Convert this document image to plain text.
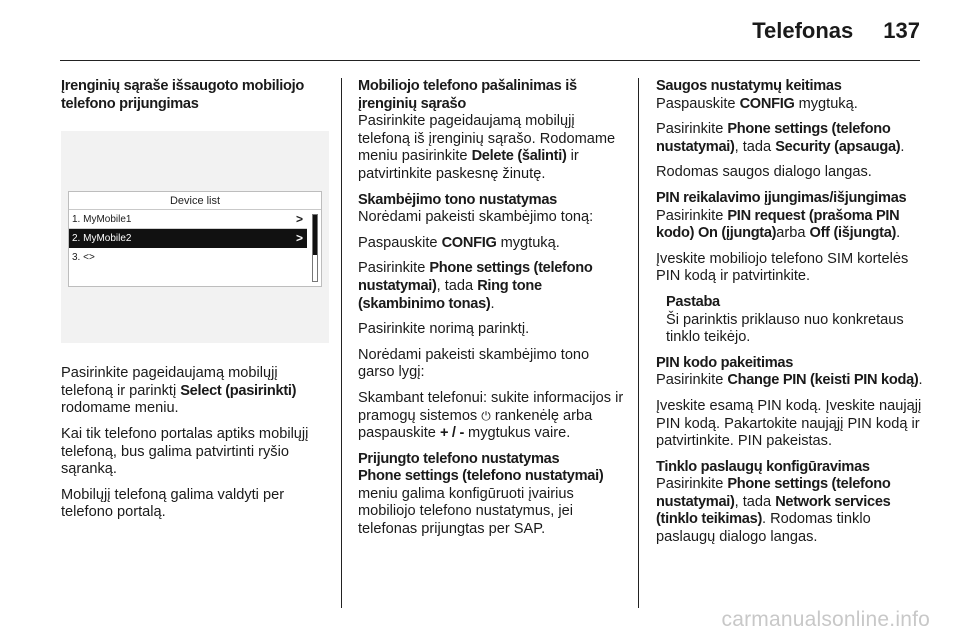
Telefonas 137
Įrenginių sąraše išsaugoto mobiliojo telefono prijungimas
Device list
1. MyMobile1	>
2. MyMobile2	>
3. <>

Pasirinkite pageidaujamą mobilųjį telefoną ir parinktį Select (pasirinkti) rodomame meniu.

Kai tik telefono portalas aptiks mobilųjį telefoną, bus galima patvirtinti ryšio sąranką.

Mobilųjį telefoną galima valdyti per telefono portalą.

Mobiliojo telefono pašalinimas iš įrenginių sąrašo
Pasirinkite pageidaujamą mobilųjį telefoną iš įrenginių sąrašo. Rodomame meniu pasirinkite Delete (šalinti) ir patvirtinkite paskesnę žinutę.
Skambėjimo tono nustatymas
Norėdami pakeisti skambėjimo toną:

Paspauskite CONFIG mygtuką.

Pasirinkite Phone settings (telefono nustatymai), tada Ring tone (skambinimo tonas).

Pasirinkite norimą parinktį.

Norėdami pakeisti skambėjimo tono garso lygį:

Skambant telefonui: sukite informacijos ir pramogų sistemos ⏻ rankenėlę arba paspauskite + / - mygtukus vaire.

Prijungto telefono nustatymas
Phone settings (telefono nustatymai) meniu galima konfigūruoti įvairius mobiliojo telefono nustatymus, jei telefonas prijungtas per SAP.
Saugos nustatymų keitimas
Paspauskite CONFIG mygtuką.

Pasirinkite Phone settings (telefono nustatymai), tada Security (apsauga).

Rodomas saugos dialogo langas.

PIN reikalavimo įjungimas/išjungimas
Pasirinkite PIN request (prašoma PIN kodo) On (įjungta)arba Off (išjungta).

Įveskite mobiliojo telefono SIM kortelės PIN kodą ir patvirtinkite.

Pastaba
Ši parinktis priklauso nuo konkretaus tinklo teikėjo.
PIN kodo pakeitimas
Pasirinkite Change PIN (keisti PIN kodą).

Įveskite esamą PIN kodą. Įveskite naująjį PIN kodą. Pakartokite naująjį PIN kodą ir patvirtinkite. PIN pakeistas.

Tinklo paslaugų konfigūravimas
Pasirinkite Phone settings (telefono nustatymai), tada Network services (tinklo teikimas). Rodomas tinklo paslaugų dialogo langas.
carmanualsonline.info
